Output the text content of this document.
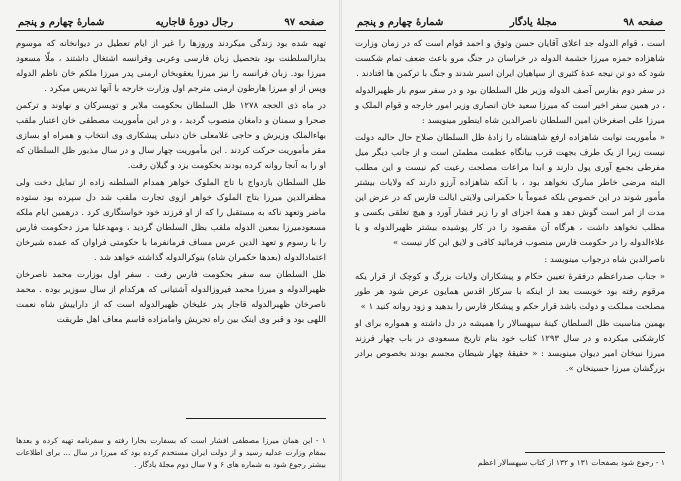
صفحه ۹۷
رجال دورهٔ قاجاریه
شمارهٔ چهارم و پنجم

تهیه شده بود زندگی میکردند وروزها را غیر از ایام تعطیل در دیوانخانه که موسوم بدارالسلطنت بود بتحصیل زبان فارسی وعربی وفرانسه اشتغال داشتند ، ملّا مسعود میرزا بود. زبان فرانسه را نیز میرزا یعقوبخان ارمنی پدر میرزا ملکم خان ناظم الدوله وپس از او میرزا هارطون ارمنی مترجم اول وزارت خارجه با آنها تدریس میکرد .

در ماه ذی الحجه ۱۲۷۸ ظل السلطان بحکومت ملایر و تویسرکان و نهاوند و ترکمن صحرا و سمنان و دامغان منصوب گردید ، و در این مأموریت مصطفی خان اعتبار ملقب بهاءالملک وزیرش و حاجی غلامعلی خان دنبلی پیشکاری وی انتخاب و همراه او بسازی مقر مأموریت حرکت کردند . این مأموریت چهار سال و در سال مذبور ظل السلطان که او را به آنجا روانه کرده بودند بحکومت یزد و گیلان رفت.

ظل السلطان بازدواج با تاج الملوک خواهر همدام السلطنه زاده از تمایل دخت ولی مظفرالدین میرزا بتاج الملوک خواهر ازوی تجارت ملقب شد دل سپرده بود ستوده ماضر وتعهد ناکه به مستقبل را که از او فرزند خود خواستگاری کرد . درهمین ایام ملکه مسعودمیرزا بمعین الدوله ملقب بظل السلطان گردید ، ومهدعلیا مرز دحکومت فارس را با رسوم و تعهد الدین عرس مساف فرمانفرما با حکومتی فراوان که عمده شیرخان اعتمادالدوله (بعدها حکمران شاه) بنوکرالدوله گذاشته خواهد شد .

ظل السلطان سه سفر بحکومت فارس رفت . سفر اول بوزارت محمد ناصرخان ظهیرالدوله و میرزا محمد فیروزالدوله آشتیانی که هرکدام از سال سوزیر بوده . محمد ناصرخان ظهیرالدوله قاجار پدر علیخان ظهیرالدوله است که از داراییش شاه نعمت اللهی بود و قبر وی اینک بین راه تجریش وامامزاده قاسم معاف اهل طریقت

۱ - این همان میرزا مصطفی افشار است که بسفارت بخارا رفته و سفرنامه تهیه کرده و بعدها بمقام وزارت عدلیه رسید و از دولت ایران مستخدم کرده بود که میرزا در سال ... برای اطلاعات بیشتر رجوع شود به شماره های ۶ و ۷ سال دوم مجلهٔ یادگار .
صفحه ۹۸
مجلهٔ یادگار
شمارهٔ چهارم و پنجم

است ، قوام الدوله جد اعلای آقایان حسن وثوق و احمد قوام است که در زمان وزارت شاهزاده حمزه میرزا حشمة الدوله در خراسان در جنگ مرو باعث ضعف تمام شکست شود که دو تن نیجه عدهٔ کثیری از سپاهیان ایران اسیر شدند و جنگ با ترکمن ها افتادند .

در سفر دوم بفارس آصف الدوله وزیر ظل السلطان بود و در سفر سوم بار ظهیرالدوله ، در همین سفر اخیر است که میرزا سعید خان انصاری وزیر امور خارجه و قوام الملک و میرزا علی اصغرخان امین السلطان ناصرالدین شاه اینطور مینویسد :

« مأموریت نوابت شاهزاده ارفع شاهنشاه را زادهٔ ظل السلطان صلاح حال حالیه دولت نیست زیرا از یک طرف بجهت قرب بیانگاه عظمت مطمئن است و از جانب دیگر میل مفرطی بجمع آوری پول دارند و ابدا مراعات مصلحت رعیت کم نیست و این مطلب البته مرضی خاطر مبارک نخواهد بود ، با آنکه شاهزاده آرزو دارند که ولایات بیشتر مأمور شوند در این خصوص بلکه عموماً با حکمرانی ولایتی ایالت فارس که در عرض این مدت از امر است گوش دهد و همهٔ اجزای او را زیر فشار آورد و هیچ تعلقی بکسی و مطلب نخواهد داشت ، هرگاه آن مقصود را در کار پوشیده بیشتر ظهیرالدوله و یا علاءالدوله را در حکومت فارس منصوب فرمائید کافی و لایق این کار نیست »

ناصرالدین شاه درجواب مینویسد :

« جناب صدراعظم درفقرهٔ تعیین حکام و پیشکاران ولایات بزرگ و کوچک از قرار یکه مرقوم رفته بود خوبست بعد از اینکه با سرکار اقدس همایون عرض شود هر طور مصلحت مملکت و دولت باشد قرار حکم و پیشکار فارس را بدهید و زود روانه کنید ۱ »

بهمین مناسبت ظل السلطان کینهٔ سپهسالار را همیشه در دل داشته و همواره برای او کارشکنی میکرده و در سال ۱۲۹۳ کتاب خود بنام تاریخ مسعودی در باب چهار فرزند میرزا نبیخان امیر دیوان مینویسد : « حقیقهٔ چهار شیطان مجسم بودند بخصوص برادر بزرگشان میرزا حسینخان ».

۱ - رجوع شود بصفحات ۱۳۱ و ۱۳۲ از کتاب سپهسالار اعظم
